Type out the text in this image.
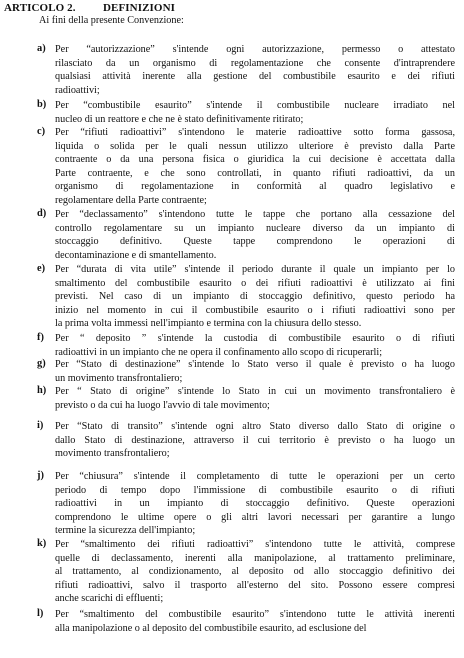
ARTICOLO 2. DEFINIZIONI
Ai fini della presente Convenzione:
a) Per “autorizzazione” s'intende ogni autorizzazione, permesso o attestato
rilasciato da un organismo di regolamentazione che consente d'intraprendere
qualsiasi attività inerente alla gestione del combustibile esaurito e dei rifiuti
radioattivi;
b) Per “combustibile esaurito” s'intende il combustibile nucleare irradiato nel
nucleo di un reattore e che ne è stato definitivamente ritirato;
c) Per “rifiuti radioattivi” s'intendono le materie radioattive sotto forma gassosa,
liquida o solida per le quali nessun utilizzo ulteriore è previsto dalla Parte
contraente o da una persona fisica o giuridica la cui decisione è accettata dalla
Parte contraente, e che sono controllati, in quanto rifiuti radioattivi, da un
organismo di regolamentazione in conformità al quadro legislativo e
regolamentare della Parte contraente;
d) Per “declassamento” s'intendono tutte le tappe che portano alla cessazione del
controllo regolamentare su un impianto nucleare diverso da un impianto di
stoccaggio definitivo. Queste tappe comprendono le operazioni di
decontaminazione e di smantellamento.
e) Per “durata di vita utile” s'intende il periodo durante il quale un impianto per lo
smaltimento del combustibile esaurito o dei rifiuti radioattivi è utilizzato ai fini
previsti. Nel caso di un impianto di stoccaggio definitivo, questo periodo ha
inizio nel momento in cui il combustibile esaurito o i rifiuti radioattivi sono per
la prima volta immessi nell'impianto e termina con la chiusura dello stesso.
f) Per “ deposito ” s'intende la custodia di combustibile esaurito o di rifiuti
radioattivi in un impianto che ne opera il confinamento allo scopo di ricuperarli;
g) Per “Stato di destinazione” s'intende lo Stato verso il quale è previsto o ha luogo
un movimento transfrontaliero;
h) Per “ Stato di origine” s'intende lo Stato in cui un movimento transfrontaliero è
previsto o da cui ha luogo l'avvio di tale movimento;
i) Per “Stato di transito” s'intende ogni altro Stato diverso dallo Stato di origine o
dallo Stato di destinazione, attraverso il cui territorio è previsto o ha luogo un
movimento transfrontaliero;
j) Per “chiusura” s'intende il completamento di tutte le operazioni per un certo
periodo di tempo dopo l'immissione di combustibile esaurito o di rifiuti
radioattivi in un impianto di stoccaggio definitivo. Queste operazioni
comprendono le ultime opere o gli altri lavori necessari per garantire a lungo
termine la sicurezza dell'impianto;
k) Per “smaltimento dei rifiuti radioattivi” s'intendono tutte le attività, comprese
quelle di declassamento, inerenti alla manipolazione, al trattamento preliminare,
al trattamento, al condizionamento, al deposito od allo stoccaggio definitivo dei
rifiuti radioattivi, salvo il trasporto all'esterno del sito. Possono essere compresi
anche scarichi di effluenti;
l) Per “smaltimento del combustibile esaurito” s'intendono tutte le attività inerenti
alla manipolazione o al deposito del combustibile esaurito, ad esclusione del
